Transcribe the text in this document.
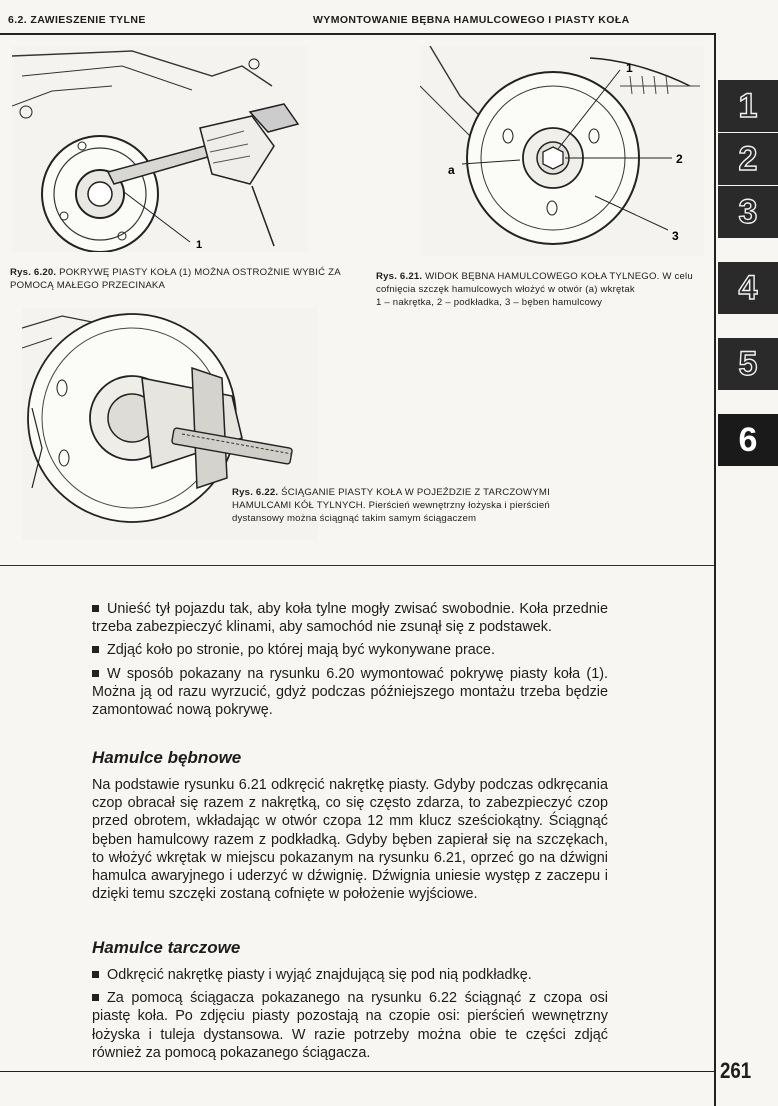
6.2. ZAWIESZENIE TYLNE	WYMONTOWANIE BĘBNA HAMULCOWEGO I PIASTY KOŁA
1
2
3
4
5
6
1
Rys. 6.20. POKRYWĘ PIASTY KOŁA (1) MOŻNA OSTROŻNIE WYBIĆ ZA POMOCĄ MAŁEGO PRZECINAKA
1
2
3
a
Rys. 6.21. WIDOK BĘBNA HAMULCOWEGO KOŁA TYLNEGO. W celu cofnięcia szczęk hamulcowych włożyć w otwór (a) wkrętak
1 – nakrętka, 2 – podkładka, 3 – bęben hamulcowy
Rys. 6.22. ŚCIĄGANIE PIASTY KOŁA W POJEŹDZIE Z TARCZOWYMI HAMULCAMI KÓŁ TYLNYCH. Pierścień wewnętrzny łożyska i pierścień dystansowy można ściągnąć takim samym ściągaczem

Unieść tył pojazdu tak, aby koła tylne mogły zwisać swobodnie. Koła przednie trzeba zabezpieczyć klinami, aby samochód nie zsunął się z podstawek.

Zdjąć koło po stronie, po której mają być wykonywane prace.

W sposób pokazany na rysunku 6.20 wymontować pokrywę piasty koła (1). Można ją od razu wyrzucić, gdyż podczas późniejszego montażu trzeba będzie zamontować nową pokrywę.

Hamulce bębnowe
Na podstawie rysunku 6.21 odkręcić nakrętkę piasty. Gdyby podczas odkręcania czop obracał się razem z nakrętką, co się często zdarza, to zabezpieczyć czop przed obrotem, wkładając w otwór czopa 12 mm klucz sześciokątny. Ściągnąć bęben hamulcowy razem z podkładką. Gdyby bęben zapierał się na szczękach, to włożyć wkrętak w miejscu pokazanym na rysunku 6.21, oprzeć go na dźwigni hamulca awaryjnego i uderzyć w dźwignię. Dźwignia uniesie występ z zaczepu i dzięki temu szczęki zostaną cofnięte w położenie wyjściowe.
Hamulce tarczowe

Odkręcić nakrętkę piasty i wyjąć znajdującą się pod nią podkładkę.

Za pomocą ściągacza pokazanego na rysunku 6.22 ściągnąć z czopa osi piastę koła. Po zdjęciu piasty pozostają na czopie osi: pierścień wewnętrzny łożyska i tuleja dystansowa. W razie potrzeby można obie te części zdjąć również za pomocą pokazanego ściągacza.

261
